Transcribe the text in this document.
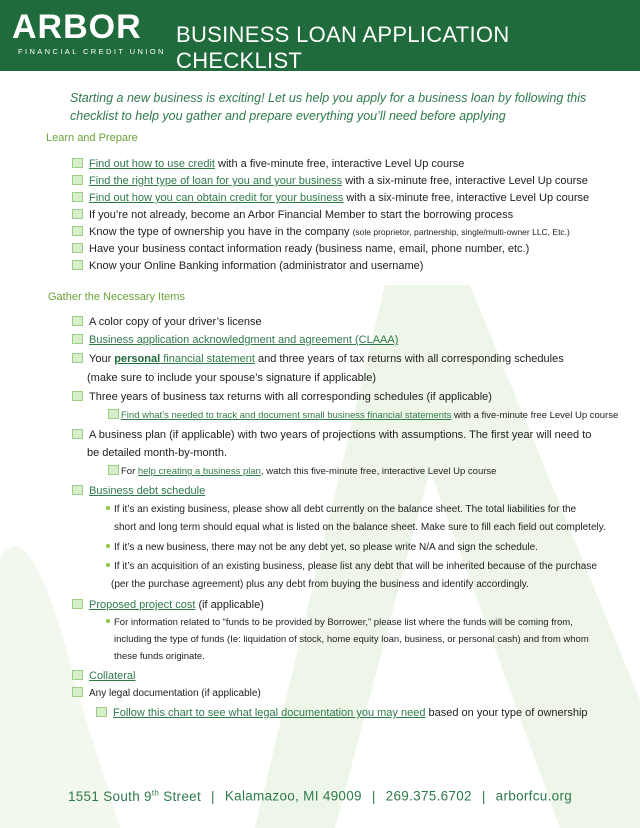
ARBOR
FINANCIAL CREDIT UNION
BUSINESS LOAN APPLICATION CHECKLIST
Starting a new business is exciting! Let us help you apply for a business loan by following this checklist to help you gather and prepare everything you’ll need before applying
Learn and Prepare
Find out how to use credit with a five-minute free, interactive Level Up course
Find the right type of loan for you and your business with a six-minute free, interactive Level Up course
Find out how you can obtain credit for your business with a six-minute free, interactive Level Up course
If you’re not already, become an Arbor Financial Member to start the borrowing process
Know the type of ownership you have in the company (sole proprietor, partnership, single/multi-owner LLC, Etc.)
Have your business contact information ready (business name, email, phone number, etc.)
Know your Online Banking information (administrator and username)
Gather the Necessary Items
A color copy of your driver’s license
Business application acknowledgment and agreement (CLAAA)
Your personal financial statement and three years of tax returns with all corresponding schedules
(make sure to include your spouse’s signature if applicable)
Three years of business tax returns with all corresponding schedules (if applicable)
Find what’s needed to track and document small business financial statements with a five-minute free Level Up course
A business plan (if applicable) with two years of projections with assumptions. The first year will need to
be detailed month-by-month.
For help creating a business plan, watch this five-minute free, interactive Level Up course
Business debt schedule
If it’s an existing business, please show all debt currently on the balance sheet. The total liabilities for the
short and long term should equal what is listed on the balance sheet. Make sure to fill each field out completely.
If it’s a new business, there may not be any debt yet, so please write N/A and sign the schedule.
If it’s an acquisition of an existing business, please list any debt that will be inherited because of the purchase
(per the purchase agreement) plus any debt from buying the business and identify accordingly.
Proposed project cost (if applicable)
For information related to “funds to be provided by Borrower,” please list where the funds will be coming from,
including the type of funds (Ie: liquidation of stock, home equity loan, business, or personal cash) and from whom
these funds originate.
Collateral
Any legal documentation (if applicable)
Follow this chart to see what legal documentation you may need based on your type of ownership
1551 South 9th Street | Kalamazoo, MI 49009 | 269.375.6702 | arborfcu.org
